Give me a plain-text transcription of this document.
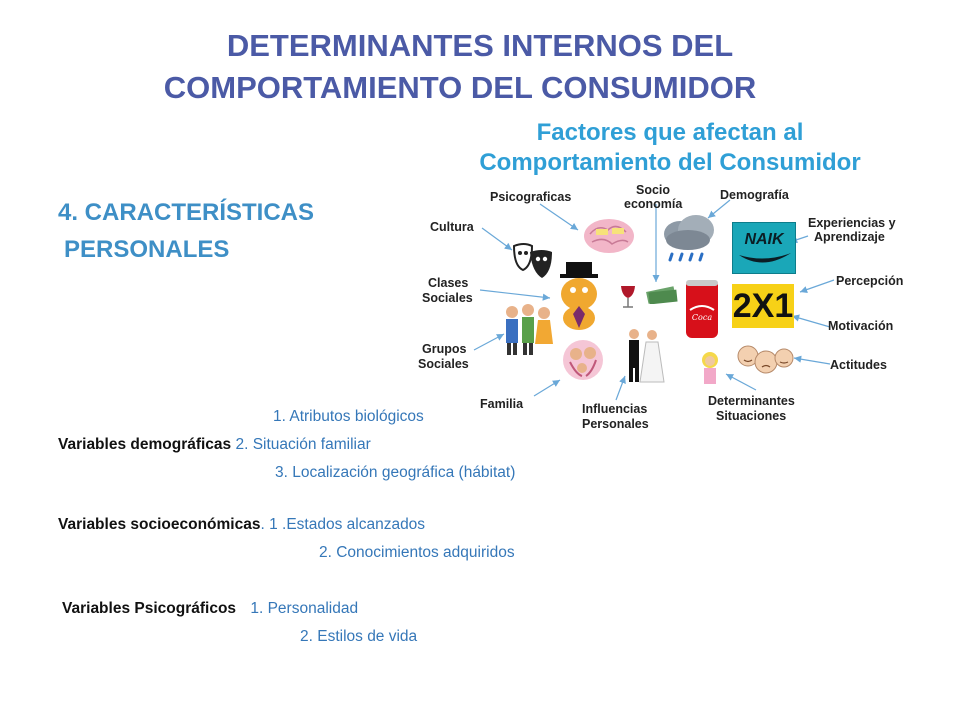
DETERMINANTES INTERNOS DEL
COMPORTAMIENTO DEL CONSUMIDOR
4. CARACTERÍSTICAS
PERSONALES
Factores que afectan al
Comportamiento del Consumidor
Psicograficas	Socio
economía
Demografía
Cultura	Experiencias y
Aprendizaje
Clases
Sociales
Percepción
Grupos
Sociales
Motivación
Actitudes
Familia	Influencias
Personales
Determinantes
Situaciones
NAIK
Coca 2X1
1. Atributos biológicos
Variables demográficas 2. Situación familiar
3. Localización geográfica (hábitat)
Variables socioeconómicas. 1 .Estados alcanzados
2. Conocimientos adquiridos
Variables Psicográficos 1. Personalidad
2. Estilos de vida
